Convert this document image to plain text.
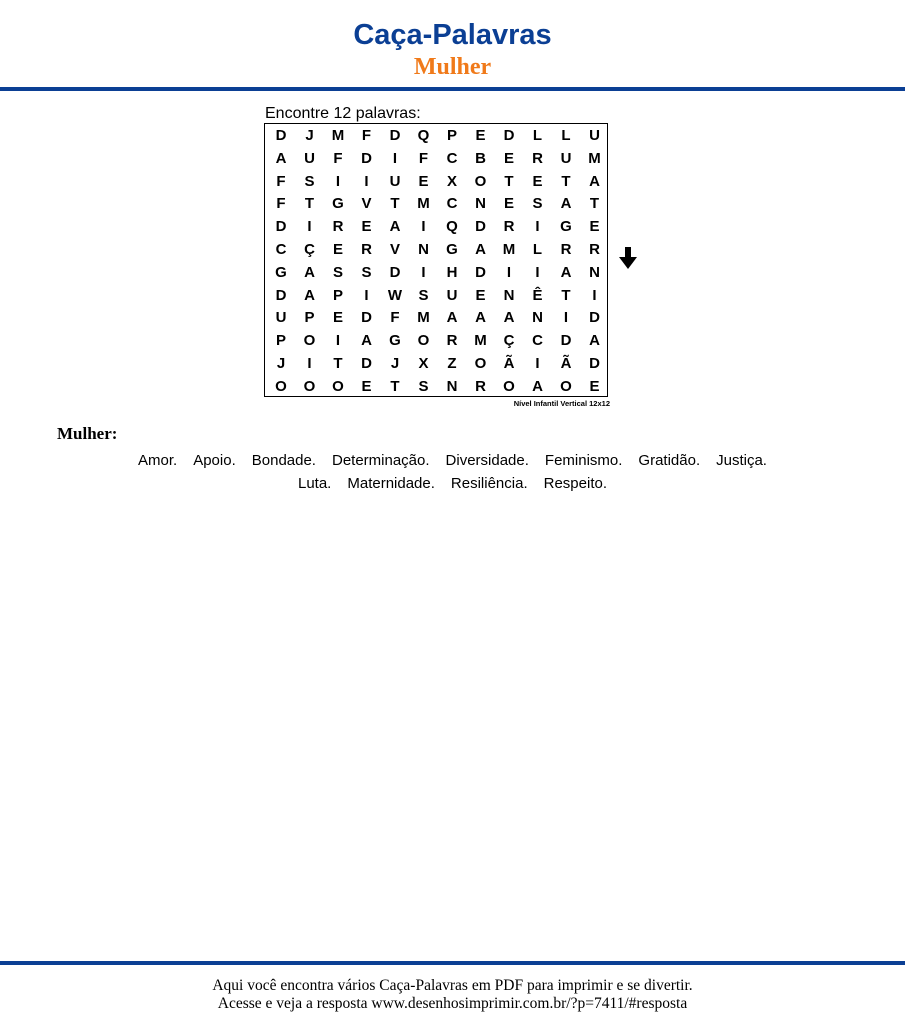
Caça-Palavras
Mulher
Encontre 12 palavras:
D	J	M	F	D	Q	P	E	D	L	L	U
A	U	F	D	I	F	C	B	E	R	U	M
F	S	I	I	U	E	X	O	T	E	T	A
F	T	G	V	T	M	C	N	E	S	A	T
D	I	R	E	A	I	Q	D	R	I	G	E
C	Ç	E	R	V	N	G	A	M	L	R	R
G	A	S	S	D	I	H	D	I	I	A	N
D	A	P	I	W	S	U	E	N	Ê	T	I
U	P	E	D	F	M	A	A	A	N	I	D
P	O	I	A	G	O	R	M	Ç	C	D	A
J	I	T	D	J	X	Z	O	Ã	I	Ã	D
O	O	O	E	T	S	N	R	O	A	O	E
Nível Infantil Vertical 12x12
Mulher:
Amor. Apoio. Bondade. Determinação. Diversidade. Feminismo. Gratidão. Justiça.
Luta. Maternidade. Resiliência. Respeito.
Aqui você encontra vários Caça-Palavras em PDF para imprimir e se divertir.
Acesse e veja a resposta www.desenhosimprimir.com.br/?p=7411/#resposta
